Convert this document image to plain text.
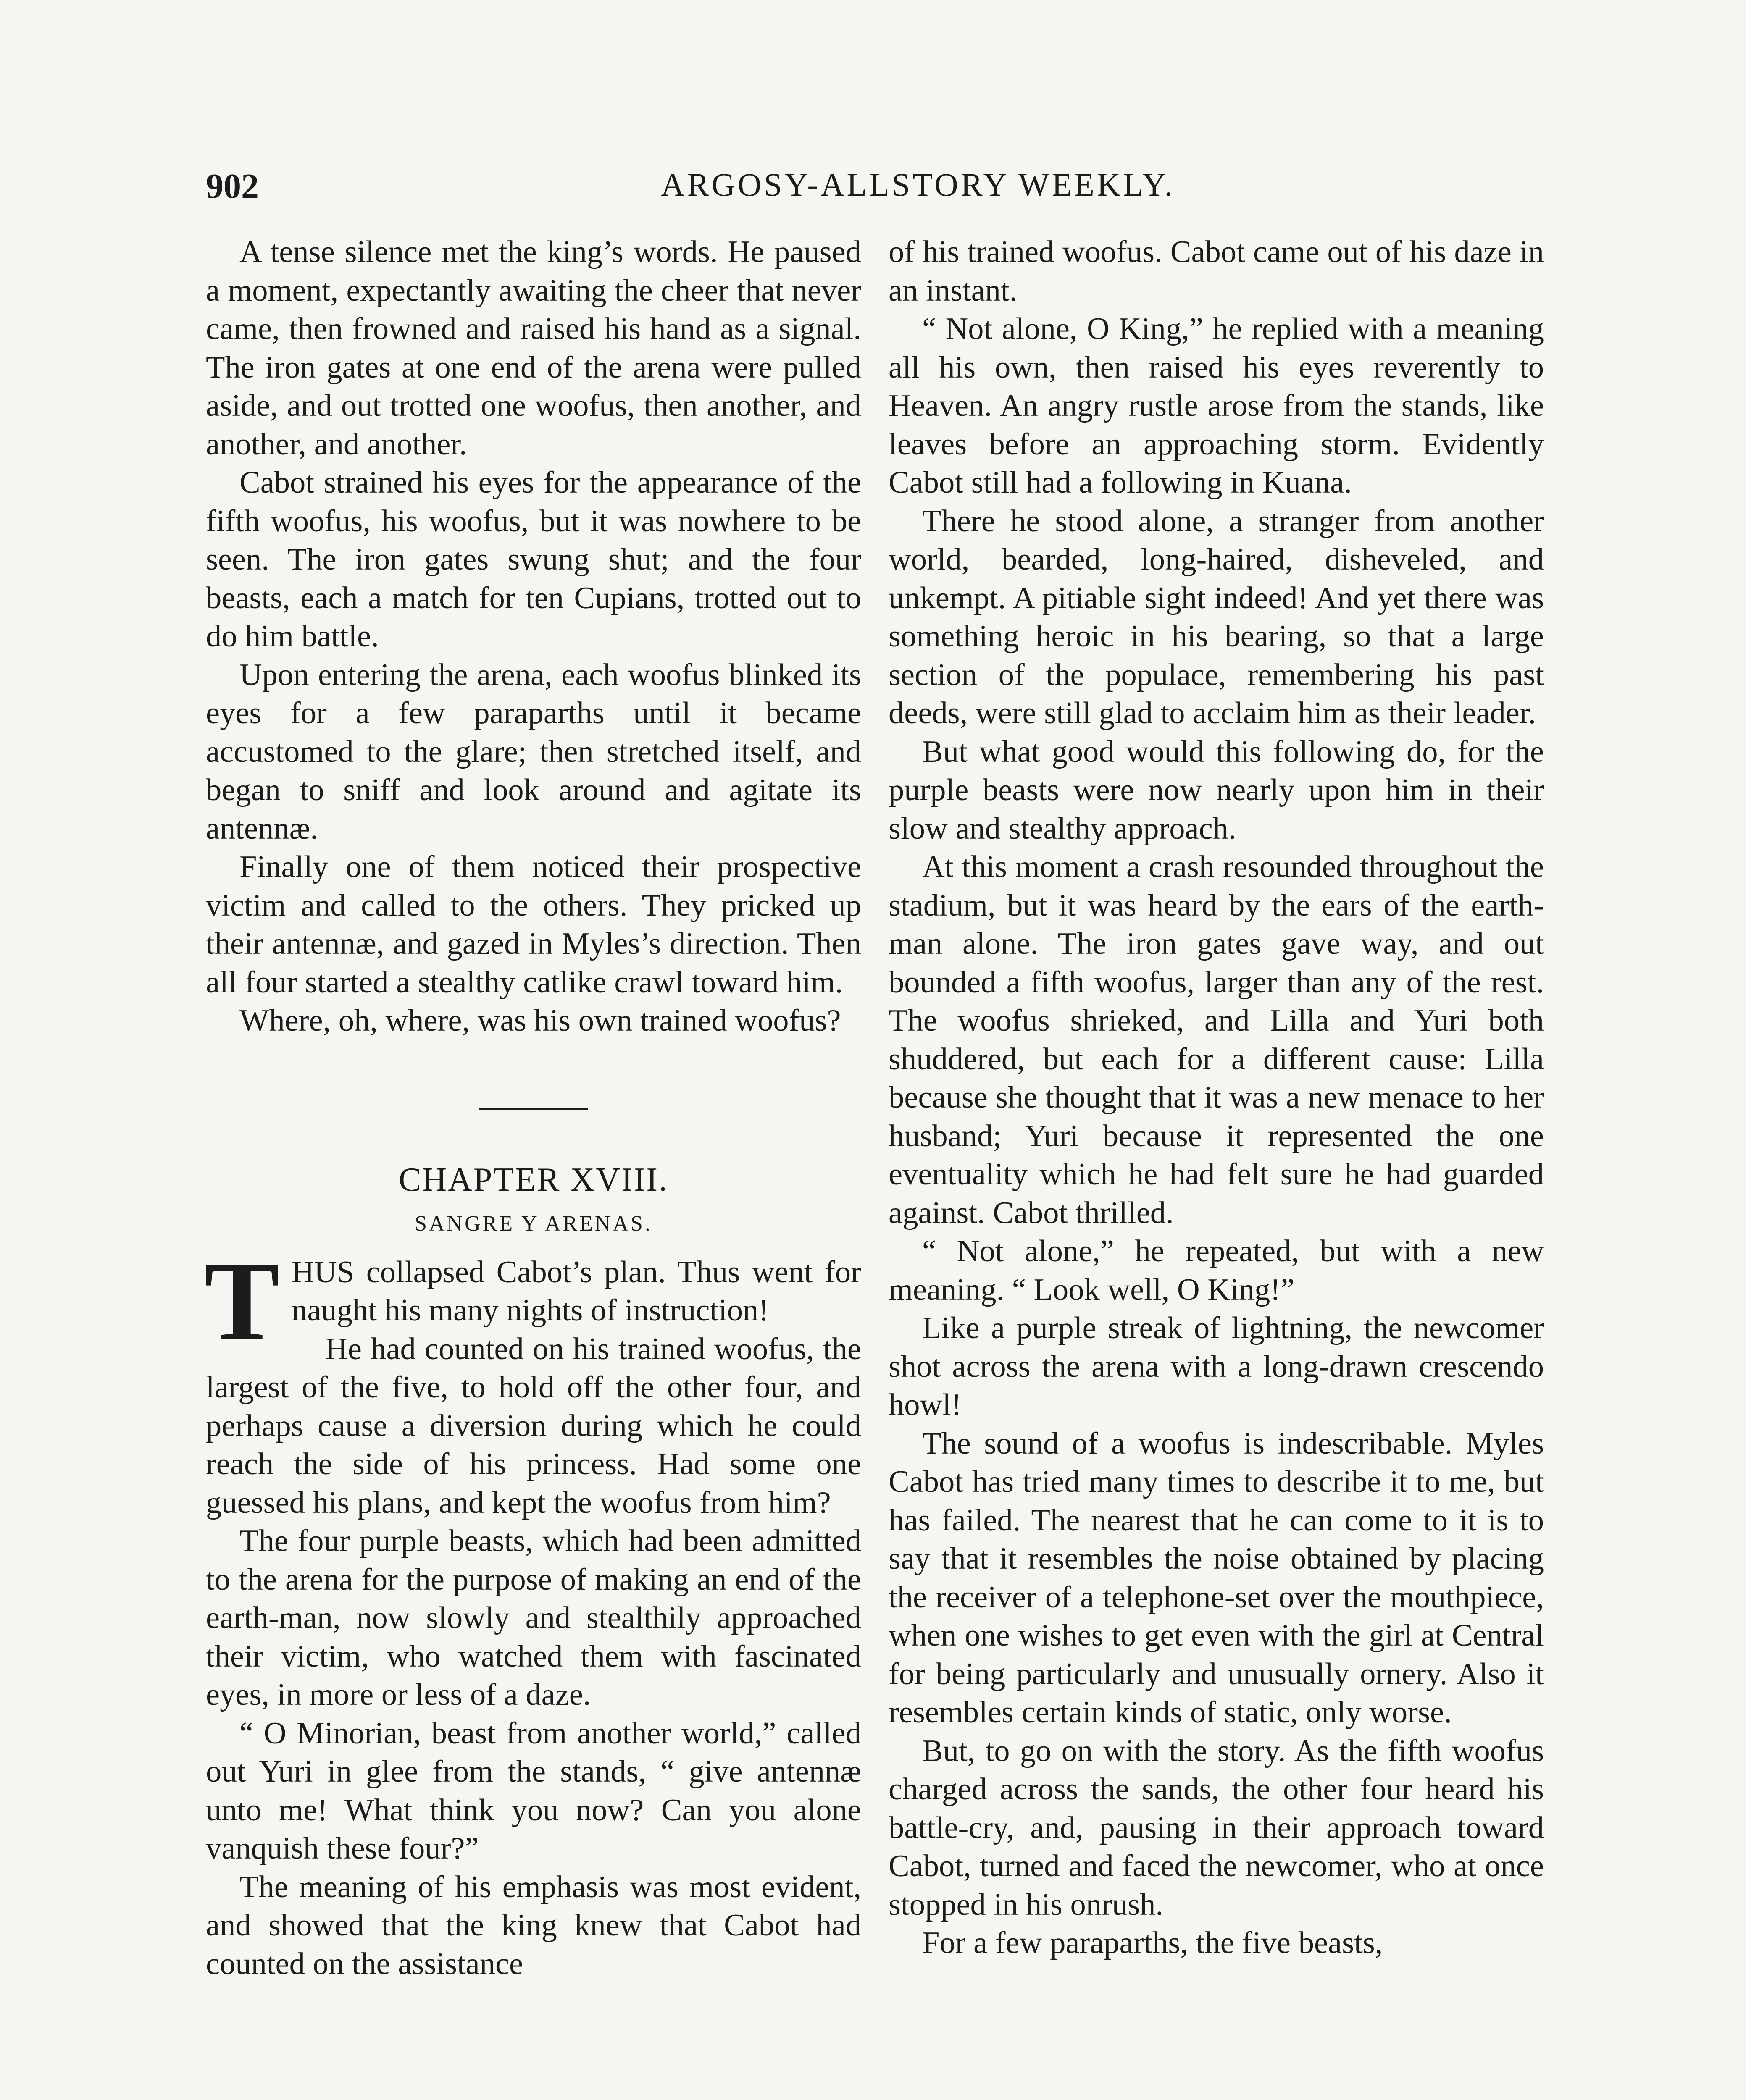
902	ARGOSY-ALLSTORY WEEKLY.

A tense silence met the king’s words. He paused a moment, expectantly awaiting the cheer that never came, then frowned and raised his hand as a signal. The iron gates at one end of the arena were pulled aside, and out trotted one woofus, then another, and another, and another.

Cabot strained his eyes for the appearance of the fifth woofus, his woofus, but it was nowhere to be seen. The iron gates swung shut; and the four beasts, each a match for ten Cupians, trotted out to do him battle.

Upon entering the arena, each woofus blinked its eyes for a few paraparths until it became accustomed to the glare; then stretched itself, and began to sniff and look around and agitate its antennæ.

Finally one of them noticed their prospective victim and called to the others. They pricked up their antennæ, and gazed in Myles’s direction. Then all four started a stealthy catlike crawl toward him.

Where, oh, where, was his own trained woofus?

CHAPTER XVIII.
SANGRE Y ARENAS.

THUS collapsed Cabot’s plan. Thus went for naught his many nights of instruction!

He had counted on his trained woofus, the largest of the five, to hold off the other four, and perhaps cause a diversion during which he could reach the side of his princess. Had some one guessed his plans, and kept the woofus from him?

The four purple beasts, which had been admitted to the arena for the purpose of making an end of the earth-man, now slowly and stealthily approached their victim, who watched them with fascinated eyes, in more or less of a daze.

“ O Minorian, beast from another world,” called out Yuri in glee from the stands, “ give antennæ unto me! What think you now? Can you alone vanquish these four?”

The meaning of his emphasis was most evident, and showed that the king knew that Cabot had counted on the assistance

of his trained woofus. Cabot came out of his daze in an instant.

“ Not alone, O King,” he replied with a meaning all his own, then raised his eyes reverently to Heaven. An angry rustle arose from the stands, like leaves before an approaching storm. Evidently Cabot still had a following in Kuana.

There he stood alone, a stranger from another world, bearded, long-haired, disheveled, and unkempt. A pitiable sight indeed! And yet there was something heroic in his bearing, so that a large section of the populace, remembering his past deeds, were still glad to acclaim him as their leader.

But what good would this following do, for the purple beasts were now nearly upon him in their slow and stealthy approach.

At this moment a crash resounded throughout the stadium, but it was heard by the ears of the earth-man alone. The iron gates gave way, and out bounded a fifth woofus, larger than any of the rest. The woofus shrieked, and Lilla and Yuri both shuddered, but each for a different cause: Lilla because she thought that it was a new menace to her husband; Yuri because it represented the one eventuality which he had felt sure he had guarded against. Cabot thrilled.

“ Not alone,” he repeated, but with a new meaning. “ Look well, O King!”

Like a purple streak of lightning, the newcomer shot across the arena with a long-drawn crescendo howl!

The sound of a woofus is indescribable. Myles Cabot has tried many times to describe it to me, but has failed. The nearest that he can come to it is to say that it resembles the noise obtained by placing the receiver of a telephone-set over the mouthpiece, when one wishes to get even with the girl at Central for being particularly and unusually ornery. Also it resembles certain kinds of static, only worse.

But, to go on with the story. As the fifth woofus charged across the sands, the other four heard his battle-cry, and, pausing in their approach toward Cabot, turned and faced the newcomer, who at once stopped in his onrush.

For a few paraparths, the five beasts,
